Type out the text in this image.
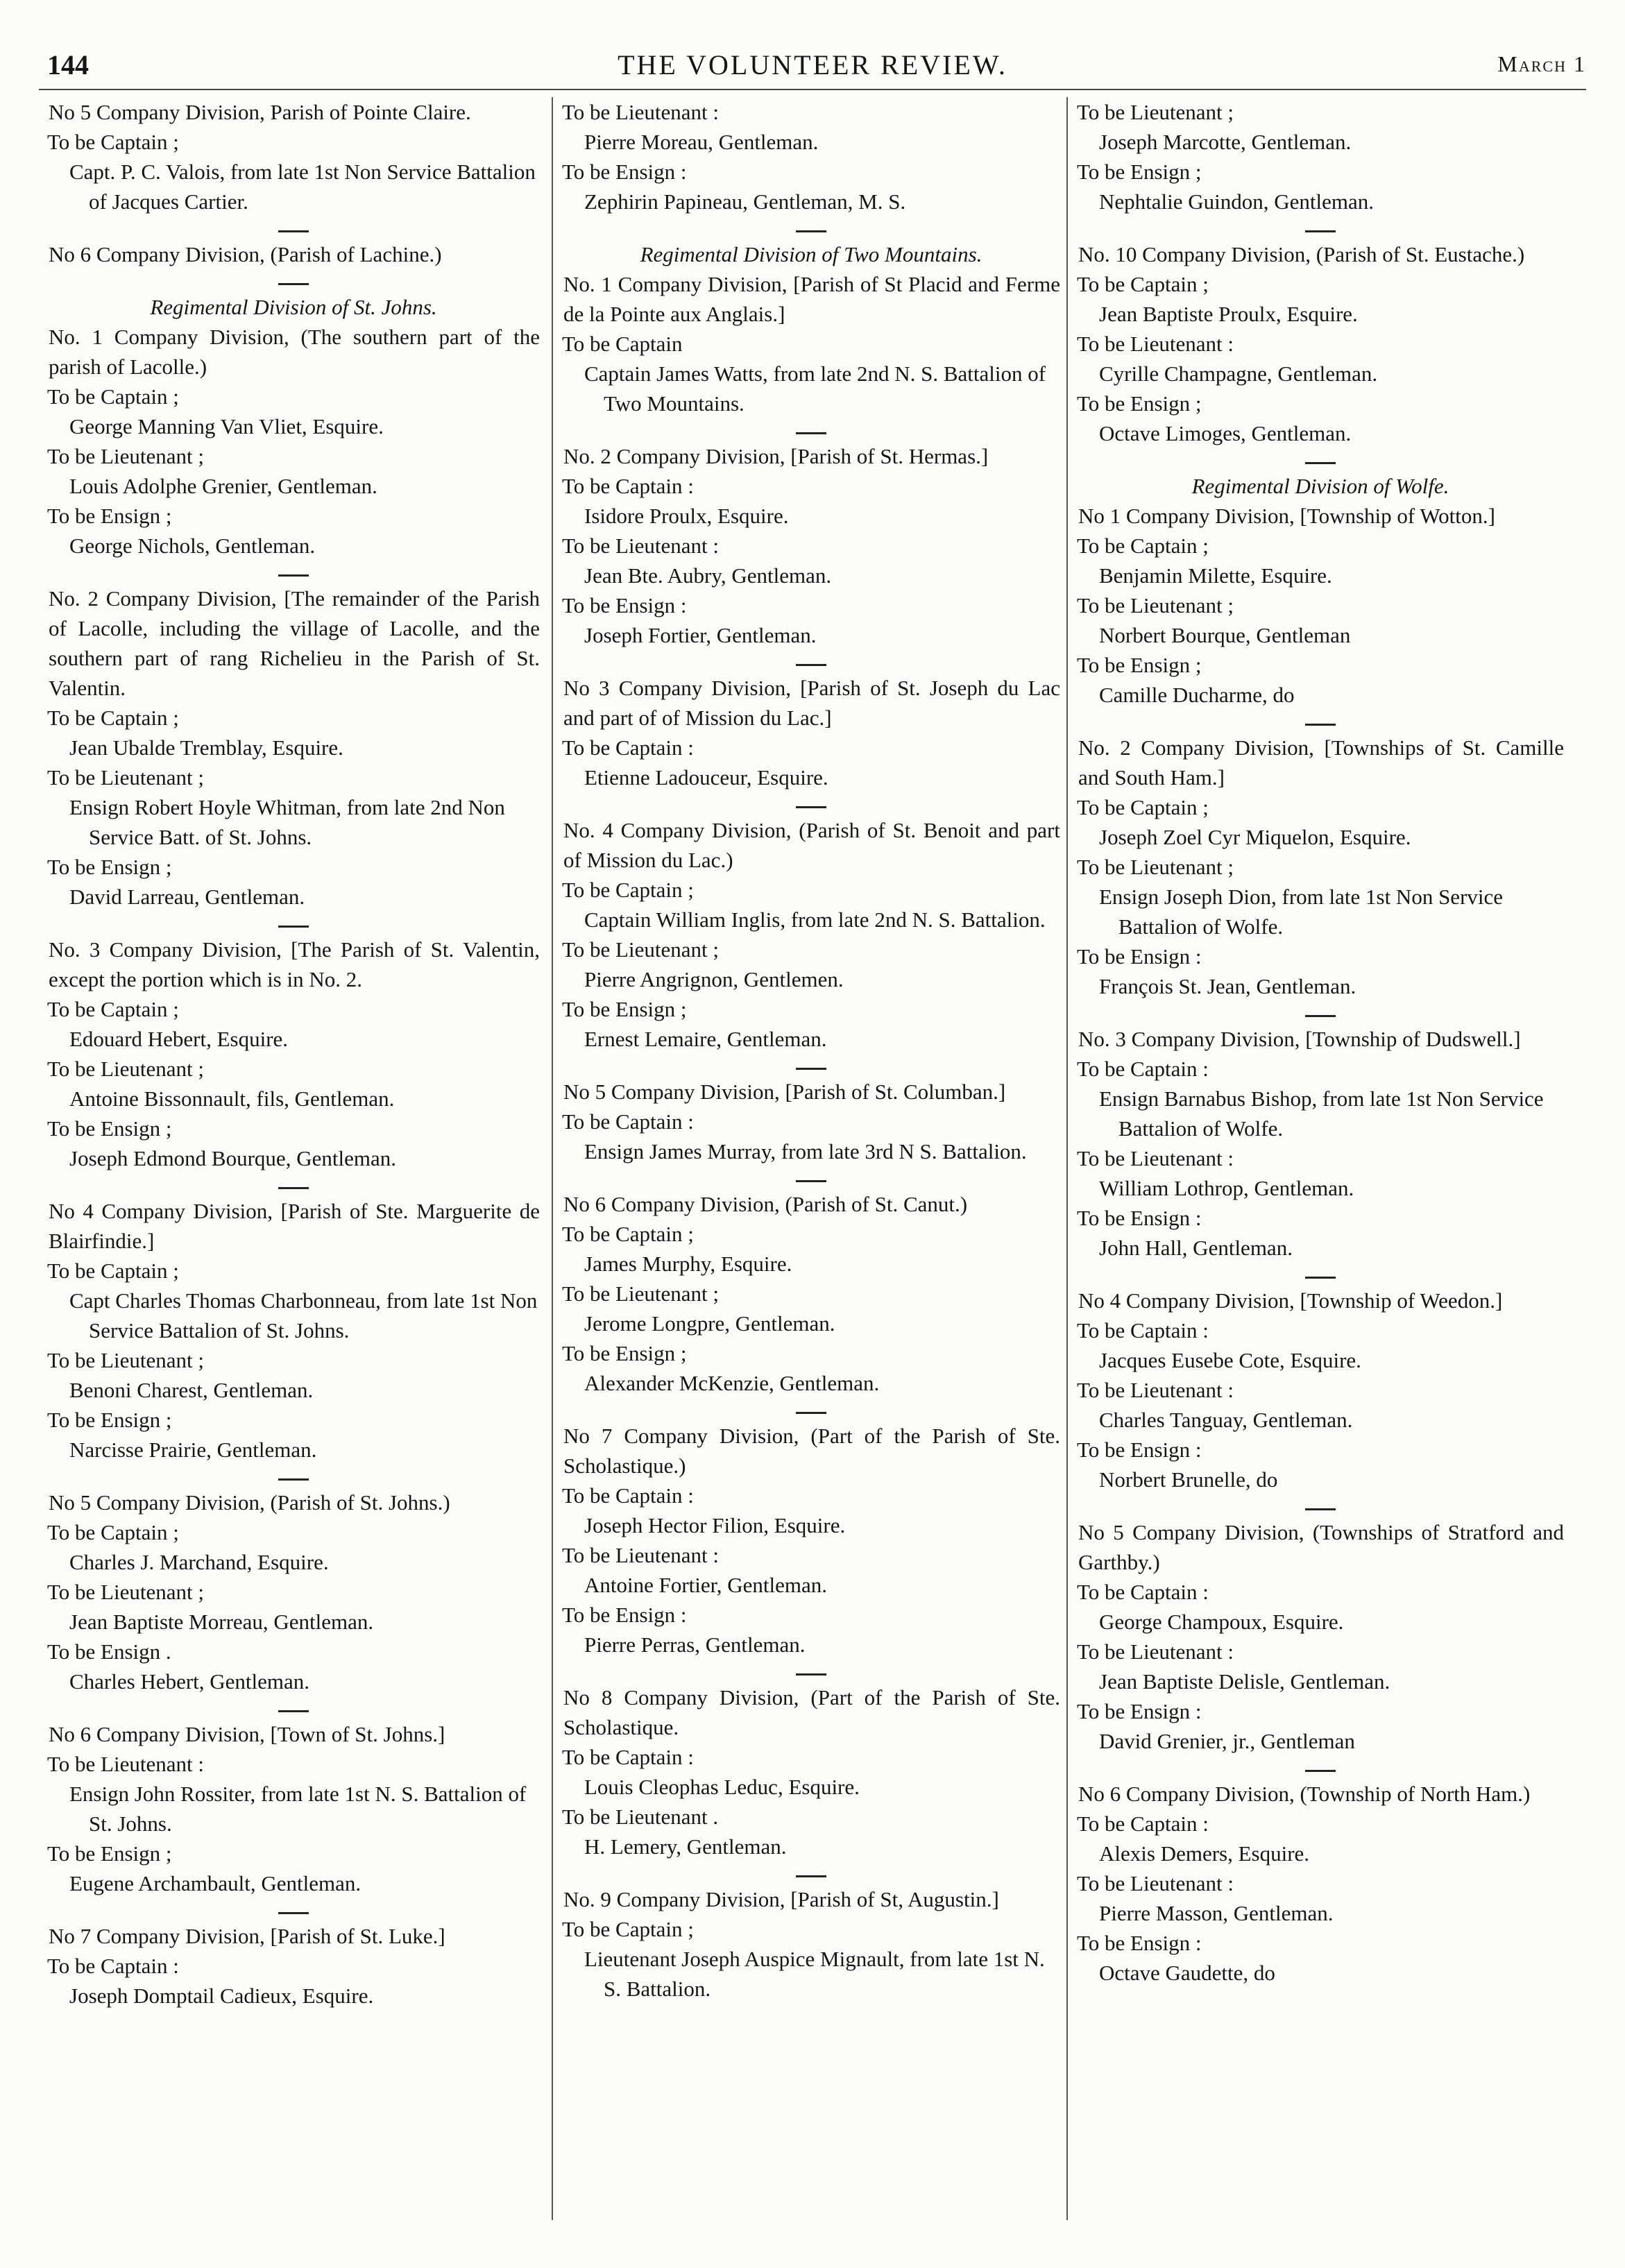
144	THE VOLUNTEER REVIEW.	March 1

No 5 Company Division, Parish of Pointe Claire.

To be Captain ;

Capt. P. C. Valois, from late 1st Non Service Battalion of Jacques Cartier.

No 6 Company Division, (Parish of Lachine.)

Regimental Division of St. Johns.

No. 1 Company Division, (The southern part of the parish of Lacolle.)

To be Captain ;

George Manning Van Vliet, Esquire.

To be Lieutenant ;

Louis Adolphe Grenier, Gentleman.

To be Ensign ;

George Nichols, Gentleman.

No. 2 Company Division, [The remainder of the Parish of Lacolle, including the village of Lacolle, and the southern part of rang Richelieu in the Parish of St. Valentin.

To be Captain ;

Jean Ubalde Tremblay, Esquire.

To be Lieutenant ;

Ensign Robert Hoyle Whitman, from late 2nd Non Service Batt. of St. Johns.

To be Ensign ;

David Larreau, Gentleman.

No. 3 Company Division, [The Parish of St. Valentin, except the portion which is in No. 2.

To be Captain ;

Edouard Hebert, Esquire.

To be Lieutenant ;

Antoine Bissonnault, fils, Gentleman.

To be Ensign ;

Joseph Edmond Bourque, Gentleman.

No 4 Company Division, [Parish of Ste. Marguerite de Blairfindie.]

To be Captain ;

Capt Charles Thomas Charbonneau, from late 1st Non Service Battalion of St. Johns.

To be Lieutenant ;

Benoni Charest, Gentleman.

To be Ensign ;

Narcisse Prairie, Gentleman.

No 5 Company Division, (Parish of St. Johns.)

To be Captain ;

Charles J. Marchand, Esquire.

To be Lieutenant ;

Jean Baptiste Morreau, Gentleman.

To be Ensign .

Charles Hebert, Gentleman.

No 6 Company Division, [Town of St. Johns.]

To be Lieutenant :

Ensign John Rossiter, from late 1st N. S. Battalion of St. Johns.

To be Ensign ;

Eugene Archambault, Gentleman.

No 7 Company Division, [Parish of St. Luke.]

To be Captain :

Joseph Domptail Cadieux, Esquire.

To be Lieutenant :

Pierre Moreau, Gentleman.

To be Ensign :

Zephirin Papineau, Gentleman, M. S.

Regimental Division of Two Mountains.

No. 1 Company Division, [Parish of St Placid and Ferme de la Pointe aux Anglais.]

To be Captain

Captain James Watts, from late 2nd N. S. Battalion of Two Mountains.

No. 2 Company Division, [Parish of St. Hermas.]

To be Captain :

Isidore Proulx, Esquire.

To be Lieutenant :

Jean Bte. Aubry, Gentleman.

To be Ensign :

Joseph Fortier, Gentleman.

No 3 Company Division, [Parish of St. Joseph du Lac and part of of Mission du Lac.]

To be Captain :

Etienne Ladouceur, Esquire.

No. 4 Company Division, (Parish of St. Benoit and part of Mission du Lac.)

To be Captain ;

Captain William Inglis, from late 2nd N. S. Battalion.

To be Lieutenant ;

Pierre Angrignon, Gentlemen.

To be Ensign ;

Ernest Lemaire, Gentleman.

No 5 Company Division, [Parish of St. Columban.]

To be Captain :

Ensign James Murray, from late 3rd N S. Battalion.

No 6 Company Division, (Parish of St. Canut.)

To be Captain ;

James Murphy, Esquire.

To be Lieutenant ;

Jerome Longpre, Gentleman.

To be Ensign ;

Alexander McKenzie, Gentleman.

No 7 Company Division, (Part of the Parish of Ste. Scholastique.)

To be Captain :

Joseph Hector Filion, Esquire.

To be Lieutenant :

Antoine Fortier, Gentleman.

To be Ensign :

Pierre Perras, Gentleman.

No 8 Company Division, (Part of the Parish of Ste. Scholastique.

To be Captain :

Louis Cleophas Leduc, Esquire.

To be Lieutenant .

H. Lemery, Gentleman.

No. 9 Company Division, [Parish of St, Augustin.]

To be Captain ;

Lieutenant Joseph Auspice Mignault, from late 1st N. S. Battalion.

To be Lieutenant ;

Joseph Marcotte, Gentleman.

To be Ensign ;

Nephtalie Guindon, Gentleman.

No. 10 Company Division, (Parish of St. Eustache.)

To be Captain ;

Jean Baptiste Proulx, Esquire.

To be Lieutenant :

Cyrille Champagne, Gentleman.

To be Ensign ;

Octave Limoges, Gentleman.

Regimental Division of Wolfe.

No 1 Company Division, [Township of Wotton.]

To be Captain ;

Benjamin Milette, Esquire.

To be Lieutenant ;

Norbert Bourque, Gentleman

To be Ensign ;

Camille Ducharme, do

No. 2 Company Division, [Townships of St. Camille and South Ham.]

To be Captain ;

Joseph Zoel Cyr Miquelon, Esquire.

To be Lieutenant ;

Ensign Joseph Dion, from late 1st Non Service Battalion of Wolfe.

To be Ensign :

François St. Jean, Gentleman.

No. 3 Company Division, [Township of Dudswell.]

To be Captain :

Ensign Barnabus Bishop, from late 1st Non Service Battalion of Wolfe.

To be Lieutenant :

William Lothrop, Gentleman.

To be Ensign :

John Hall, Gentleman.

No 4 Company Division, [Township of Weedon.]

To be Captain :

Jacques Eusebe Cote, Esquire.

To be Lieutenant :

Charles Tanguay, Gentleman.

To be Ensign :

Norbert Brunelle, do

No 5 Company Division, (Townships of Stratford and Garthby.)

To be Captain :

George Champoux, Esquire.

To be Lieutenant :

Jean Baptiste Delisle, Gentleman.

To be Ensign :

David Grenier, jr., Gentleman

No 6 Company Division, (Township of North Ham.)

To be Captain :

Alexis Demers, Esquire.

To be Lieutenant :

Pierre Masson, Gentleman.

To be Ensign :

Octave Gaudette, do
